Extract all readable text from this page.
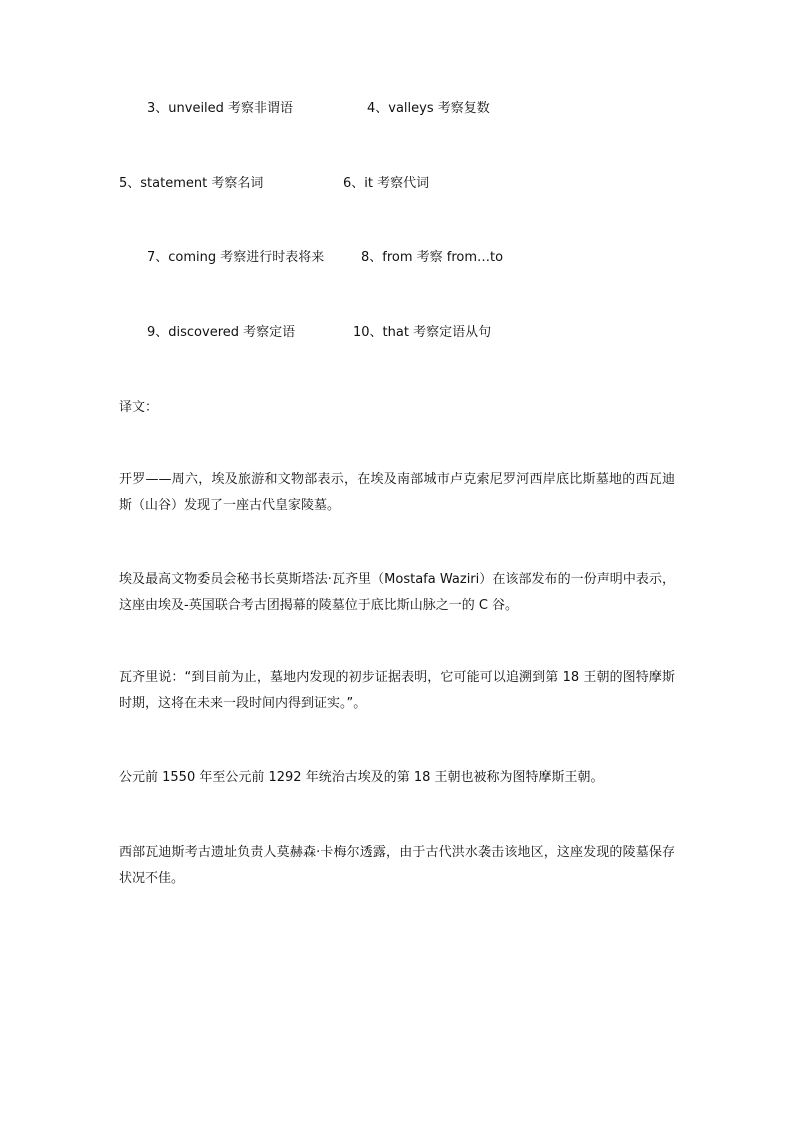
3、unveiled 考察非谓语	4、valleys 考察复数
5、statement 考察名词	6、it 考察代词
7、coming 考察进行时表将来	8、from 考察 from…to
9、discovered 考察定语	10、that 考察定语从句
译文：

开罗——周六，埃及旅游和文物部表示，在埃及南部城市卢克索尼罗河西岸底比斯墓地的西瓦迪斯（山谷）发现了一座古代皇家陵墓。

埃及最高文物委员会秘书长莫斯塔法·瓦齐里（Mostafa Waziri）在该部发布的一份声明中表示，这座由埃及-英国联合考古团揭幕的陵墓位于底比斯山脉之一的 C 谷。

瓦齐里说：“到目前为止，墓地内发现的初步证据表明，它可能可以追溯到第 18 王朝的图特摩斯时期，这将在未来一段时间内得到证实。”。

公元前 1550 年至公元前 1292 年统治古埃及的第 18 王朝也被称为图特摩斯王朝。

西部瓦迪斯考古遗址负责人莫赫森·卡梅尔透露，由于古代洪水袭击该地区，这座发现的陵墓保存状况不佳。
